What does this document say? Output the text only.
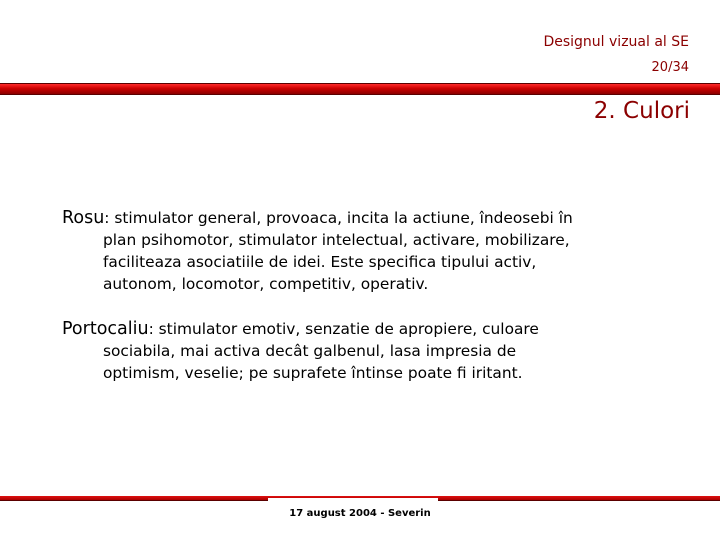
Designul vizual al SE
20/34
2. Culori
Rosu: stimulator general, provoaca, incita la actiune, îndeosebi în
plan psihomotor, stimulator intelectual, activare, mobilizare,
faciliteaza asociatiile de idei. Este specifica tipului activ,
autonom, locomotor, competitiv, operativ.
Portocaliu: stimulator emotiv, senzatie de apropiere, culoare
sociabila, mai activa decât galbenul, lasa impresia de
optimism, veselie; pe suprafete întinse poate fi iritant.
17 august 2004 - Severin
